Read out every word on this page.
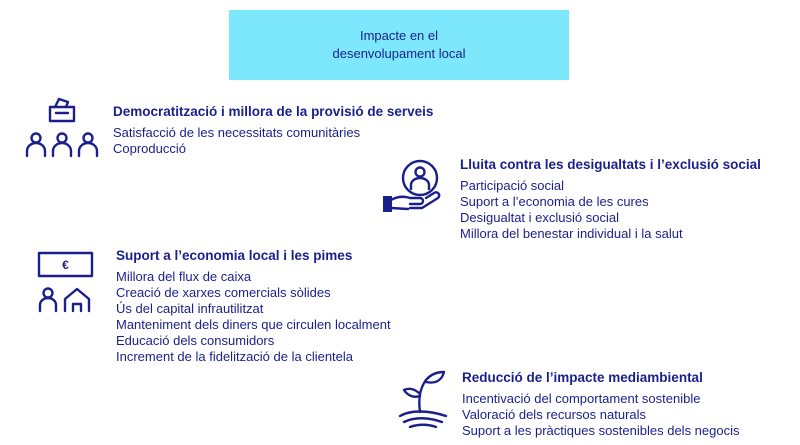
Impacte en el
desenvolupament local
Democratització i millora de la provisió de serveis
Satisfacció de les necessitats comunitàries
Coproducció
Lluita contra les desigualtats i l’exclusió social
Participació social
Suport a l’economia de les cures
Desigualtat i exclusió social
Millora del benestar individual i la salut
€
Suport a l’economia local i les pimes
Millora del flux de caixa
Creació de xarxes comercials sòlides
Ús del capital infrautilitzat
Manteniment dels diners que circulen localment
Educació dels consumidors
Increment de la fidelització de la clientela
Reducció de l’impacte mediambiental
Incentivació del comportament sostenible
Valoració dels recursos naturals
Suport a les pràctiques sostenibles dels negocis
